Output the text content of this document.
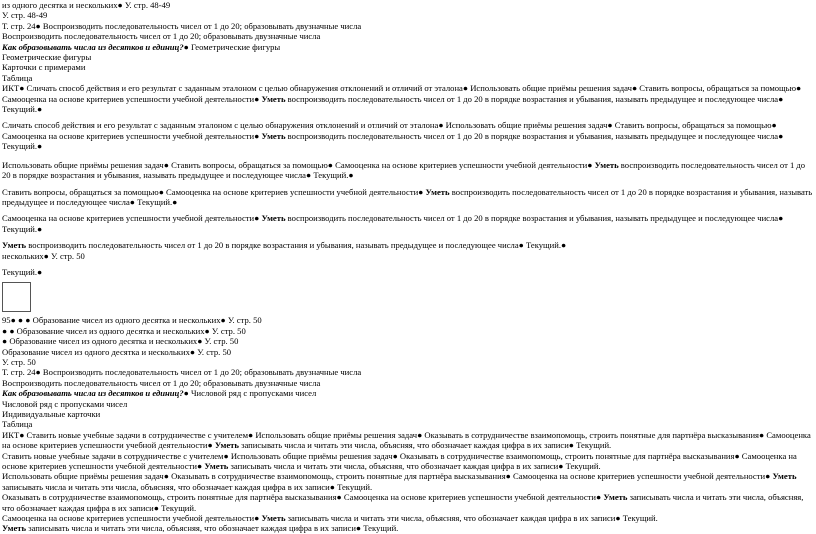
из одного десятка и нескольких● У. стр. 48-49
У. стр. 48-49
Т. стр. 24● Воспроизводить последовательность чисел от 1 до 20; образовывать двузначные числа
Воспроизводить последовательность чисел от 1 до 20; образовывать двузначные числа
Как образовывать числа из десятков и единиц?● Геометрические фигуры
Геометрические фигуры
Карточки с примерами
Таблица
ИКТ● Сличать способ действия и его результат с заданным эталоном с целью обнаружения отклонений и отличий от эталона● Использовать общие приёмы решения задач● Ставить вопросы, обращаться за помощью● Самооценка на основе критериев успешности учебной деятельности● Уметь воспроизводить последовательность чисел от 1 до 20 в порядке возрастания и убывания, называть предыдущее и последующее числа● Текущий.●
Сличать способ действия и его результат с заданным эталоном с целью обнаружения отклонений и отличий от эталона● Использовать общие приёмы решения задач● Ставить вопросы, обращаться за помощью● Самооценка на основе критериев успешности учебной деятельности● Уметь воспроизводить последовательность чисел от 1 до 20 в порядке возрастания и убывания, называть предыдущее и последующее числа● Текущий.●
Использовать общие приёмы решения задач● Ставить вопросы, обращаться за помощью● Самооценка на основе критериев успешности учебной деятельности● Уметь воспроизводить последовательность чисел от 1 до 20 в порядке возрастания и убывания, называть предыдущее и последующее числа● Текущий.●
Ставить вопросы, обращаться за помощью● Самооценка на основе критериев успешности учебной деятельности● Уметь воспроизводить последовательность чисел от 1 до 20 в порядке возрастания и убывания, называть предыдущее и последующее числа● Текущий.●
Самооценка на основе критериев успешности учебной деятельности● Уметь воспроизводить последовательность чисел от 1 до 20 в порядке возрастания и убывания, называть предыдущее и последующее числа● Текущий.●
Уметь воспроизводить последовательность чисел от 1 до 20 в порядке возрастания и убывания, называть предыдущее и последующее числа● Текущий.●
нескольких● У. стр. 50
Текущий.●
95● ● ● Образование чисел из одного десятка и нескольких● У. стр. 50
● ● Образование чисел из одного десятка и нескольких● У. стр. 50
● Образование чисел из одного десятка и нескольких● У. стр. 50
Образование чисел из одного десятка и нескольких● У. стр. 50
У. стр. 50
Т. стр. 24● Воспроизводить последовательность чисел от 1 до 20; образовывать двузначные числа
Воспроизводить последовательность чисел от 1 до 20; образовывать двузначные числа
Как образовывать числа из десятков и единиц?● Числовой ряд с пропусками чисел
Числовой ряд с пропусками чисел
Индивидуальные карточки
Таблица
ИКТ● Ставить новые учебные задачи в сотрудничестве с учителем● Использовать общие приёмы решения задач● Оказывать в сотрудничестве взаимопомощь, строить понятные для партнёра высказывания● Самооценка на основе критериев успешности учебной деятельности● Уметь записывать числа и читать эти числа, объясняя, что обозначает каждая цифра в их записи● Текущий.
Ставить новые учебные задачи в сотрудничестве с учителем● Использовать общие приёмы решения задач● Оказывать в сотрудничестве взаимопомощь, строить понятные для партнёра высказывания● Самооценка на основе критериев успешности учебной деятельности● Уметь записывать числа и читать эти числа, объясняя, что обозначает каждая цифра в их записи● Текущий.
Использовать общие приёмы решения задач● Оказывать в сотрудничестве взаимопомощь, строить понятные для партнёра высказывания● Самооценка на основе критериев успешности учебной деятельности● Уметь записывать числа и читать эти числа, объясняя, что обозначает каждая цифра в их записи● Текущий.
Оказывать в сотрудничестве взаимопомощь, строить понятные для партнёра высказывания● Самооценка на основе критериев успешности учебной деятельности● Уметь записывать числа и читать эти числа, объясняя, что обозначает каждая цифра в их записи● Текущий.
Самооценка на основе критериев успешности учебной деятельности● Уметь записывать числа и читать эти числа, объясняя, что обозначает каждая цифра в их записи● Текущий.
Уметь записывать числа и читать эти числа, объясняя, что обозначает каждая цифра в их записи● Текущий.
